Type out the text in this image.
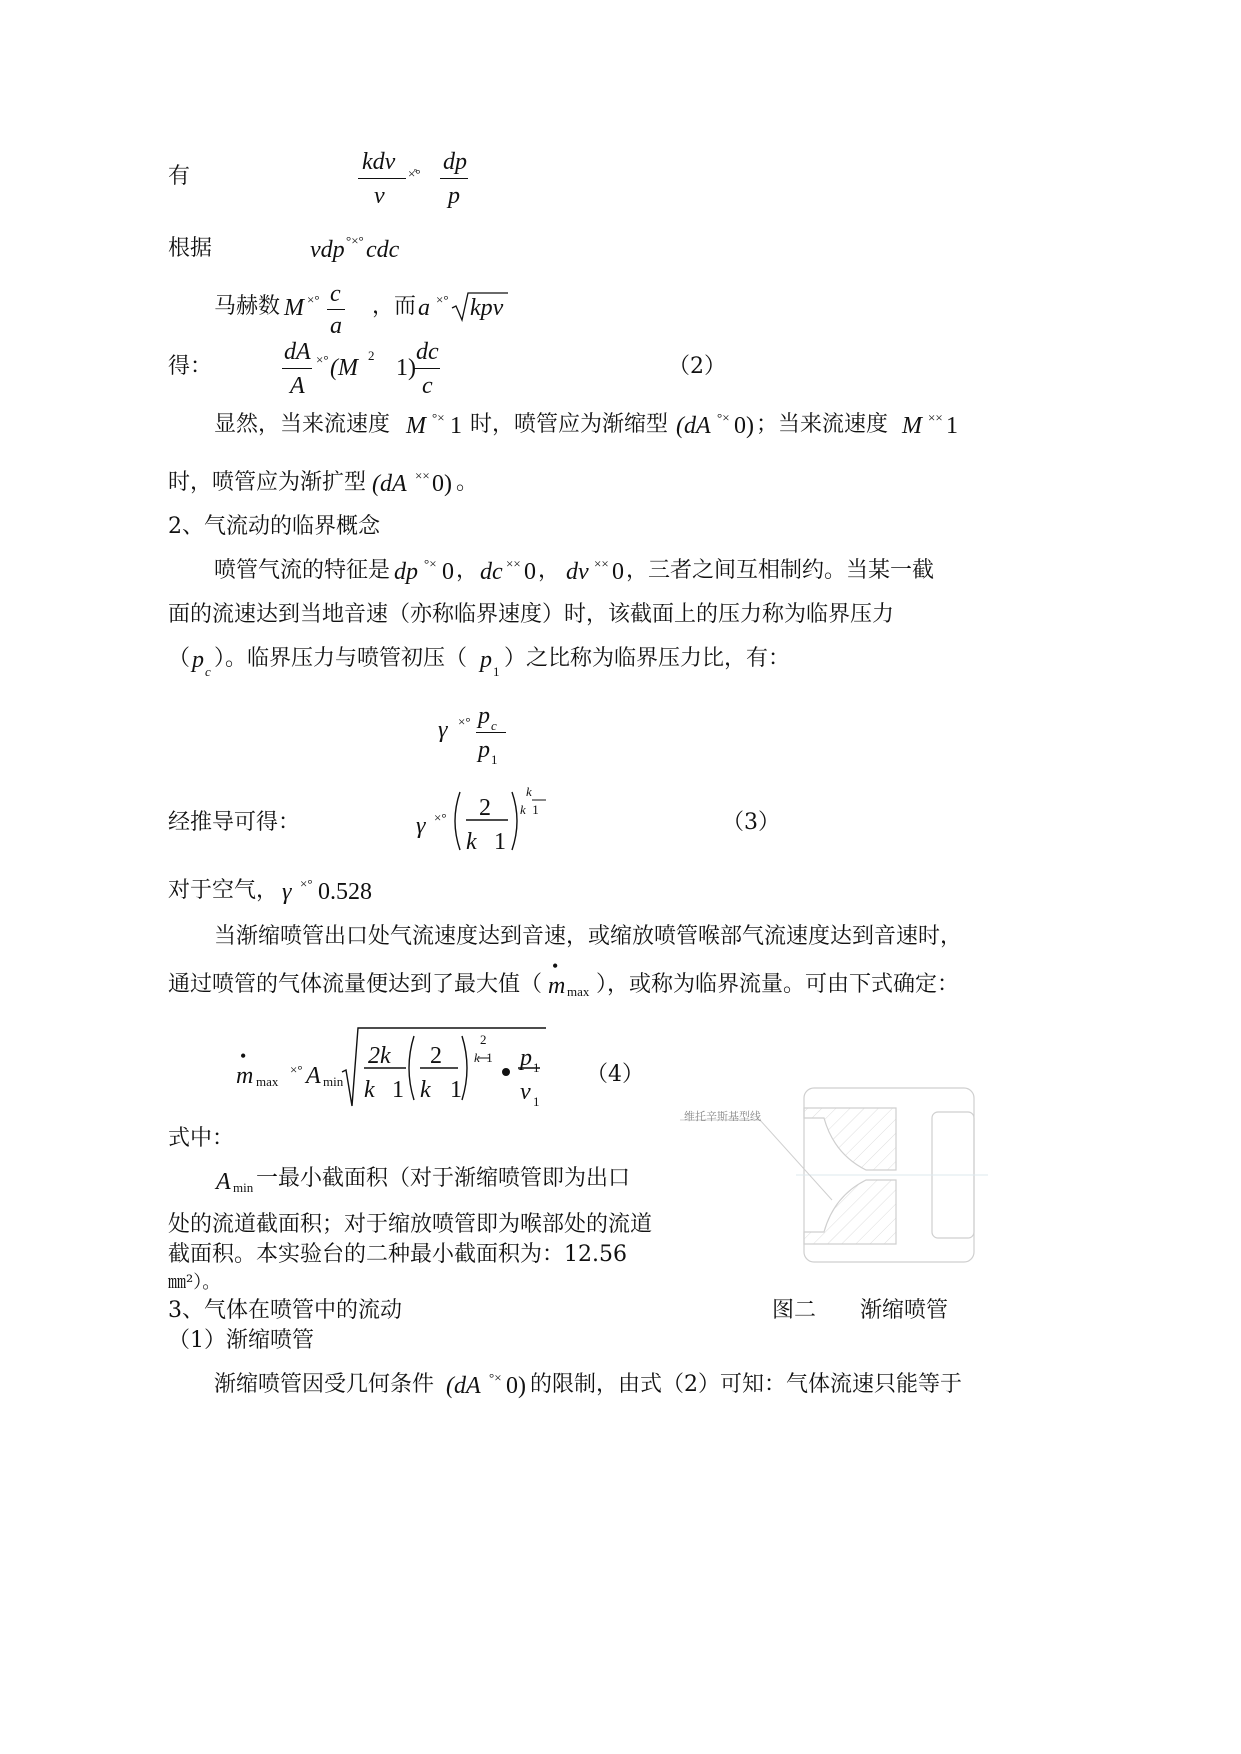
有
kdν
ν
×̊° dp
p
根据	vdp °×° cdc
马赫数 M ×° c
a
，而 a ×° kpν
得：
dA
A
×° (M 2 1)
dc
c
（2）
显然，当来流速度 M °× 1 时，喷管应为渐缩型 (dA °× 0) ；当来流速度 M ×× 1
时，喷管应为渐扩型 (dA ×× 0) 。
2、气流动的临界概念
喷管气流的特征是 dp °× 0 ， dc ×× 0 ， dν ×× 0 ，三者之间互相制约。当某一截
面的流速达到当地音速（亦称临界速度）时，该截面上的压力称为临界压力
（ p c
）。临界压力与喷管初压（ p 1
）之比称为临界压力比，有：
γ ×° p c
p 1
经推导可得：	γ ×° 2
k 1
k
k  1
（3）
对于空气， γ ×° 0.528
当渐缩喷管出口处气流速度达到音速，或缩放喷管喉部气流速度达到音速时，
通过喷管的气体流量便达到了最大值（
•
m max ），或称为临界流量。可由下式确定：
•
m max
×° A min
2k
k 1
2
k 1
2
k  1 p 1
ν 1
（4）
式中：
A min 一最小截面积（对于渐缩喷管即为出口
处的流道截面积；对于缩放喷管即为喉部处的流道
截面积。本实验台的二种最小截面积为：12.56
㎜²）。
维托辛斯基型线
3、气体在喷管中的流动	图二　　渐缩喷管
（1）渐缩喷管
渐缩喷管因受几何条件 (dA °× 0) 的限制，由式（2）可知：气体流速只能等于
